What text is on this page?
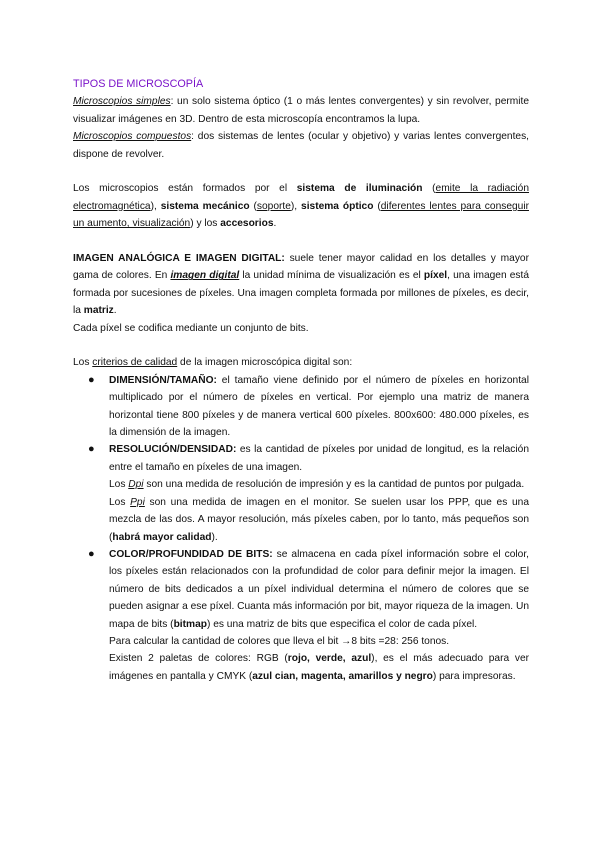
TIPOS DE MICROSCOPÍA

Microscopios simples: un solo sistema óptico (1 o más lentes convergentes) y sin revolver, permite visualizar imágenes en 3D. Dentro de esta microscopía encontramos la lupa.

Microscopios compuestos: dos sistemas de lentes (ocular y objetivo) y varias lentes convergentes, dispone de revolver.

Los microscopios están formados por el sistema de iluminación (emite la radiación electromagnética), sistema mecánico (soporte), sistema óptico (diferentes lentes para conseguir un aumento, visualización) y los accesorios.

IMAGEN ANALÓGICA E IMAGEN DIGITAL: suele tener mayor calidad en los detalles y mayor gama de colores. En imagen digital la unidad mínima de visualización es el píxel, una imagen está formada por sucesiones de píxeles. Una imagen completa formada por millones de píxeles, es decir, la matriz.

Cada píxel se codifica mediante un conjunto de bits.

Los criterios de calidad de la imagen microscópica digital son:

● DIMENSIÓN/TAMAÑO: el tamaño viene definido por el número de píxeles en horizontal multiplicado por el número de píxeles en vertical. Por ejemplo una matriz de manera horizontal tiene 800 píxeles y de manera vertical 600 píxeles. 800x600: 480.000 píxeles, es la dimensión de la imagen.

● RESOLUCIÓN/DENSIDAD: es la cantidad de píxeles por unidad de longitud, es la relación entre el tamaño en píxeles de una imagen.

Los Dpi son una medida de resolución de impresión y es la cantidad de puntos por pulgada.

Los Ppi son una medida de imagen en el monitor. Se suelen usar los PPP, que es una mezcla de las dos. A mayor resolución, más píxeles caben, por lo tanto, más pequeños son (habrá mayor calidad).

● COLOR/PROFUNDIDAD DE BITS: se almacena en cada píxel información sobre el color, los píxeles están relacionados con la profundidad de color para definir mejor la imagen. El número de bits dedicados a un píxel individual determina el número de colores que se pueden asignar a ese píxel. Cuanta más información por bit, mayor riqueza de la imagen. Un mapa de bits (bitmap) es una matriz de bits que especifica el color de cada píxel.

Para calcular la cantidad de colores que lleva el bit →8 bits =28: 256 tonos.

Existen 2 paletas de colores: RGB (rojo, verde, azul), es el más adecuado para ver imágenes en pantalla y CMYK (azul cian, magenta, amarillos y negro) para impresoras.
